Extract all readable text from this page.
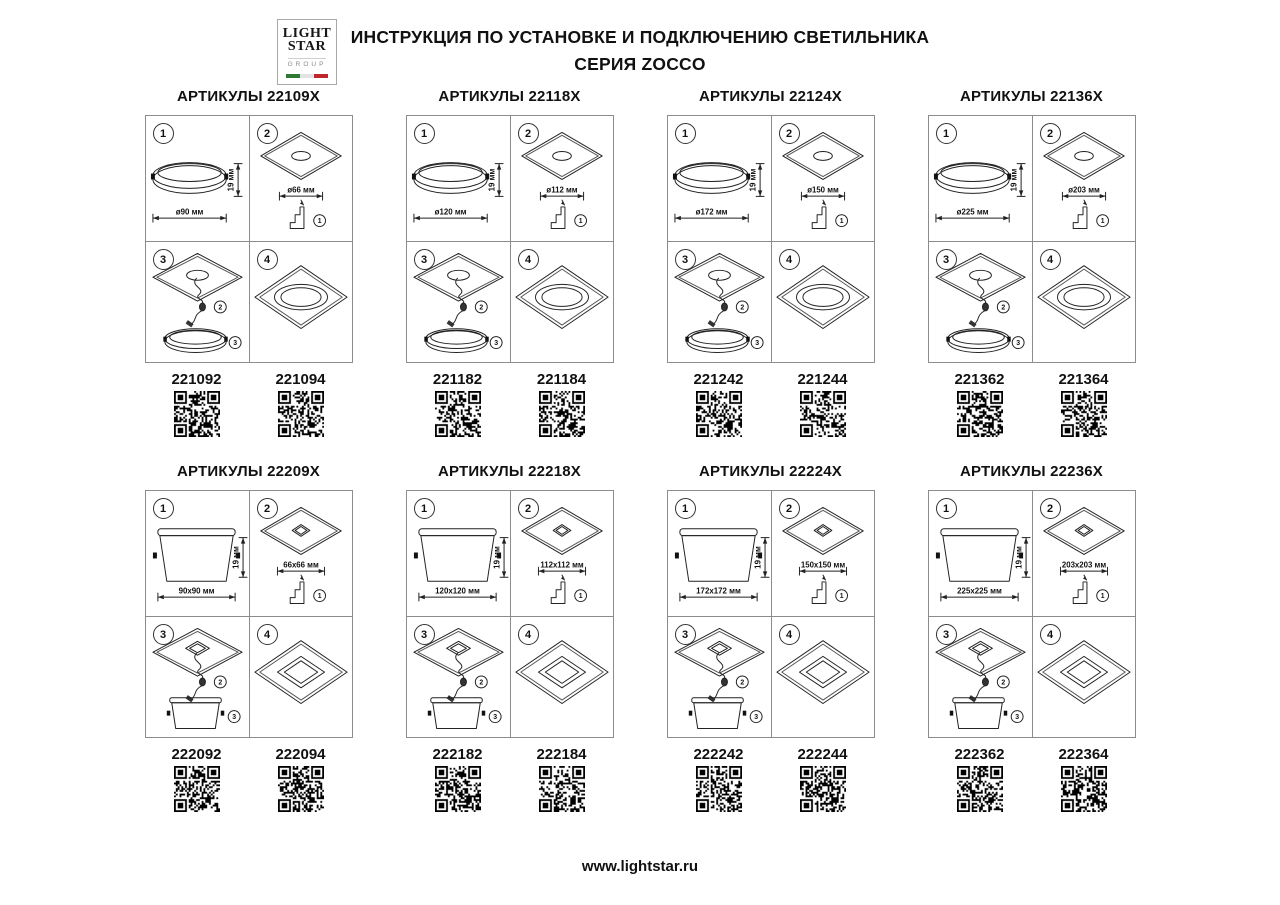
LIGHT
STAR
GROUP
ИНСТРУКЦИЯ ПО УСТАНОВКЕ И ПОДКЛЮЧЕНИЮ СВЕТИЛЬНИКА
СЕРИЯ ZOCCO
АРТИКУЛЫ 22109X
1
ø90 мм
19 мм
2
ø66 мм
1
3
2
3
4
221092	221094
АРТИКУЛЫ 22118X
1
ø120 мм
19 мм
2
ø112 мм
1
3
2
3
4
221182	221184
АРТИКУЛЫ 22124X
1
ø172 мм
19 мм
2
ø150 мм
1
3
2
3
4
221242	221244
АРТИКУЛЫ 22136X
1
ø225 мм
19 мм
2
ø203 мм
1
3
2
3
4
221362	221364
АРТИКУЛЫ 22209X
1
90x90 мм
19 мм
2
66x66 мм
1
3
2
3
4
222092	222094
АРТИКУЛЫ 22218X
1
120x120 мм
19 мм
2
112x112 мм
1
3
2
3
4
222182	222184
АРТИКУЛЫ 22224X
1
172x172 мм
19 мм
2
150x150 мм
1
3
2
3
4
222242	222244
АРТИКУЛЫ 22236X
1
225x225 мм
19 мм
2
203x203 мм
1
3
2
3
4
222362	222364
www.lightstar.ru
